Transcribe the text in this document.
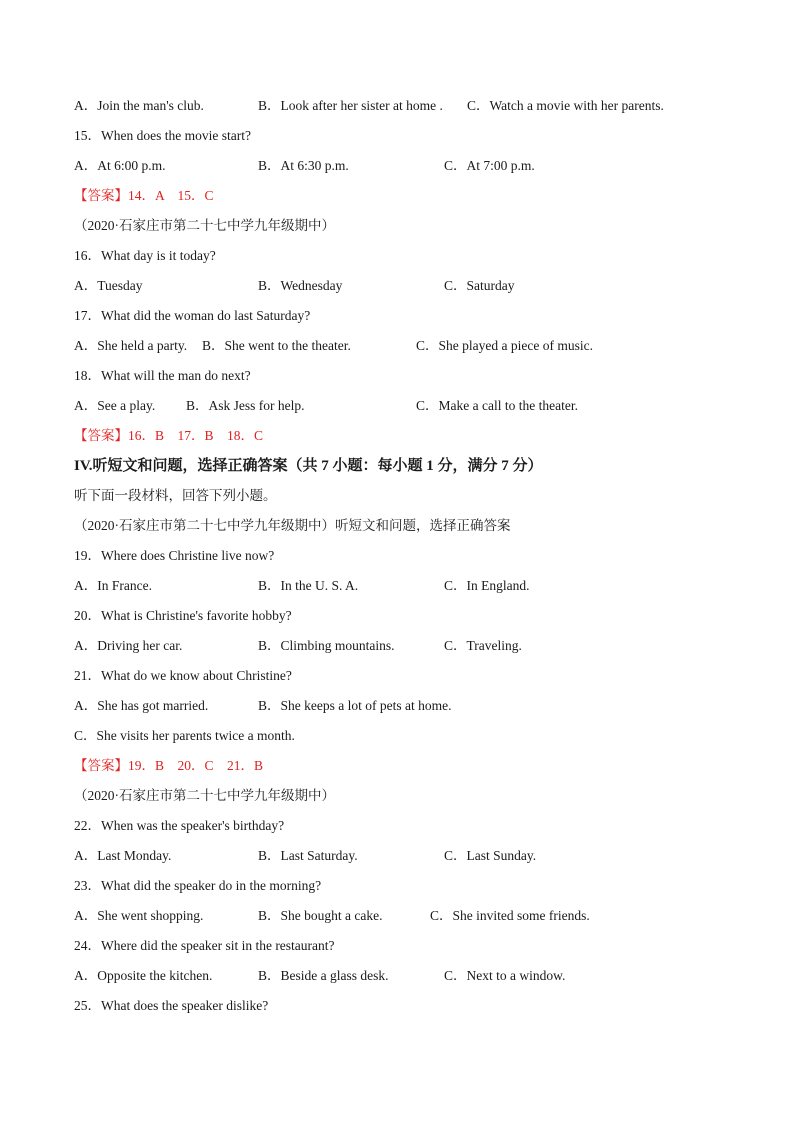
A．Join the man's club.	B．Look after her sister at home . C．Watch a movie with her parents.
15．When does the movie start?
A．At 6:00 p.m.	B．At 6:30 p.m.	C．At 7:00 p.m.
【答案】14．A　15．C
（2020·石家庄市第二十七中学九年级期中）
16．What day is it today?
A．Tuesday	B．Wednesday	C．Saturday
17．What did the woman do last Saturday?
A．She held a party. B．She went to the theater.	C．She played a piece of music.
18．What will the man do next?
A．See a play. B．Ask Jess for help.	C．Make a call to the theater.
【答案】16．B　17．B　18．C
IV.听短文和问题，选择正确答案（共 7 小题：每小题 1 分，满分 7 分）
听下面一段材料，回答下列小题。
（2020·石家庄市第二十七中学九年级期中）听短文和问题，选择正确答案
19．Where does Christine live now?
A．In France.	B．In the U. S. A.	C．In England.
20．What is Christine's favorite hobby?
A．Driving her car.	B．Climbing mountains.	C．Traveling.
21．What do we know about Christine?
A．She has got married.	B．She keeps a lot of pets at home.
C．She visits her parents twice a month.
【答案】19．B　20．C　21．B
（2020·石家庄市第二十七中学九年级期中）
22．When was the speaker's birthday?
A．Last Monday.	B．Last Saturday.	C．Last Sunday.
23．What did the speaker do in the morning?
A．She went shopping.	B．She bought a cake.	C．She invited some friends.
24．Where did the speaker sit in the restaurant?
A．Opposite the kitchen.	B．Beside a glass desk.	C．Next to a window.
25．What does the speaker dislike?
